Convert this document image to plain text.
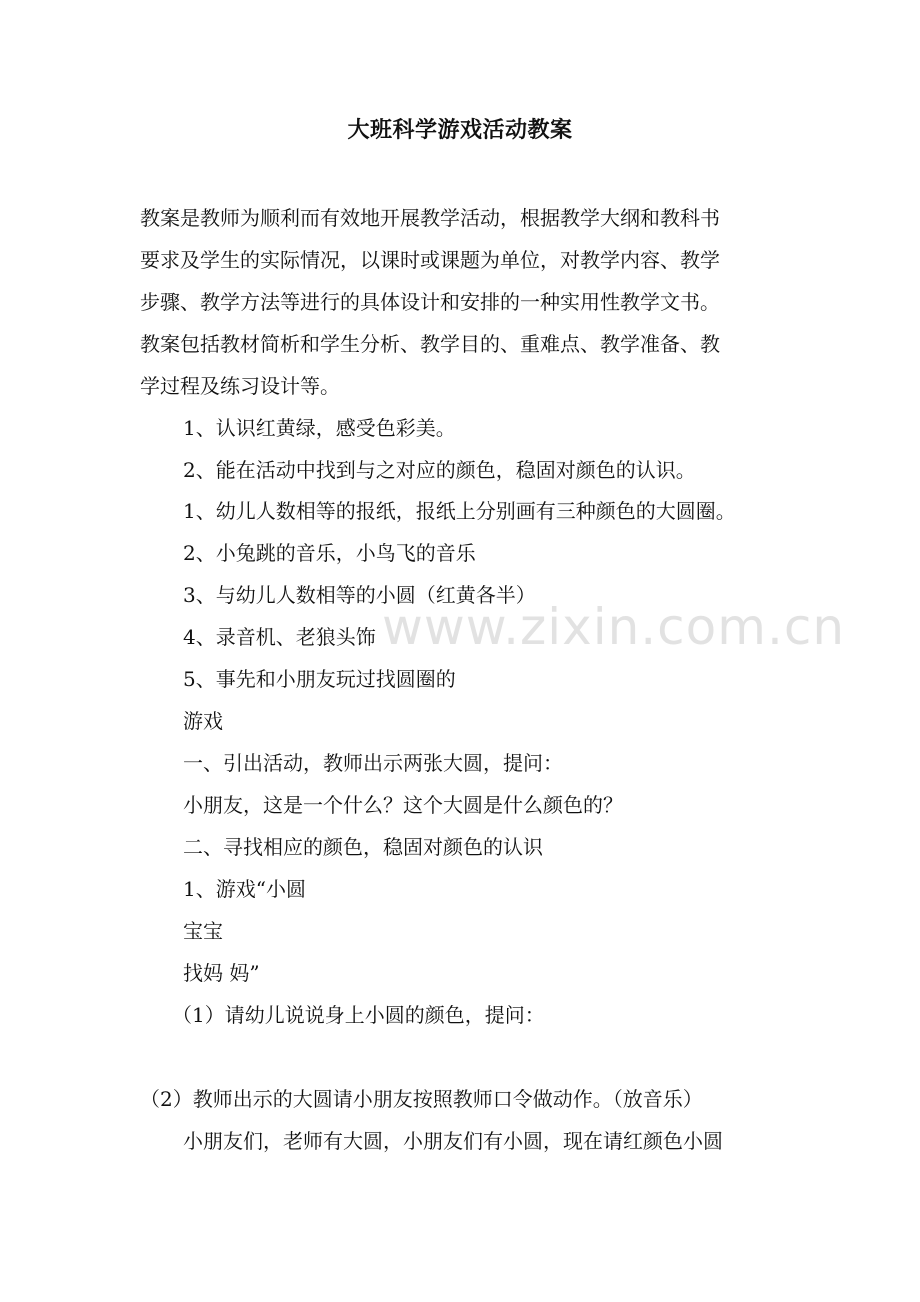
大班科学游戏活动教案
教案是教师为顺利而有效地开展教学活动，根据教学大纲和教科书
要求及学生的实际情况，以课时或课题为单位，对教学内容、教学
步骤、教学方法等进行的具体设计和安排的一种实用性教学文书。
教案包括教材简析和学生分析、教学目的、重难点、教学准备、教
学过程及练习设计等。
1、认识红黄绿，感受色彩美。
2、能在活动中找到与之对应的颜色，稳固对颜色的认识。
1、幼儿人数相等的报纸，报纸上分别画有三种颜色的大圆圈。
2、小兔跳的音乐，小鸟飞的音乐
3、与幼儿人数相等的小圆（红黄各半）
4、录音机、老狼头饰
5、事先和小朋友玩过找圆圈的
游戏
一、引出活动，教师出示两张大圆，提问：
小朋友，这是一个什么？这个大圆是什么颜色的？
二、寻找相应的颜色，稳固对颜色的认识
1、游戏“小圆
宝宝
找妈 妈”
（1）请幼儿说说身上小圆的颜色，提问：
（2）教师出示的大圆请小朋友按照教师口令做动作。（放音乐）
小朋友们，老师有大圆，小朋友们有小圆，现在请红颜色小圆
www.zixin.com.cn
